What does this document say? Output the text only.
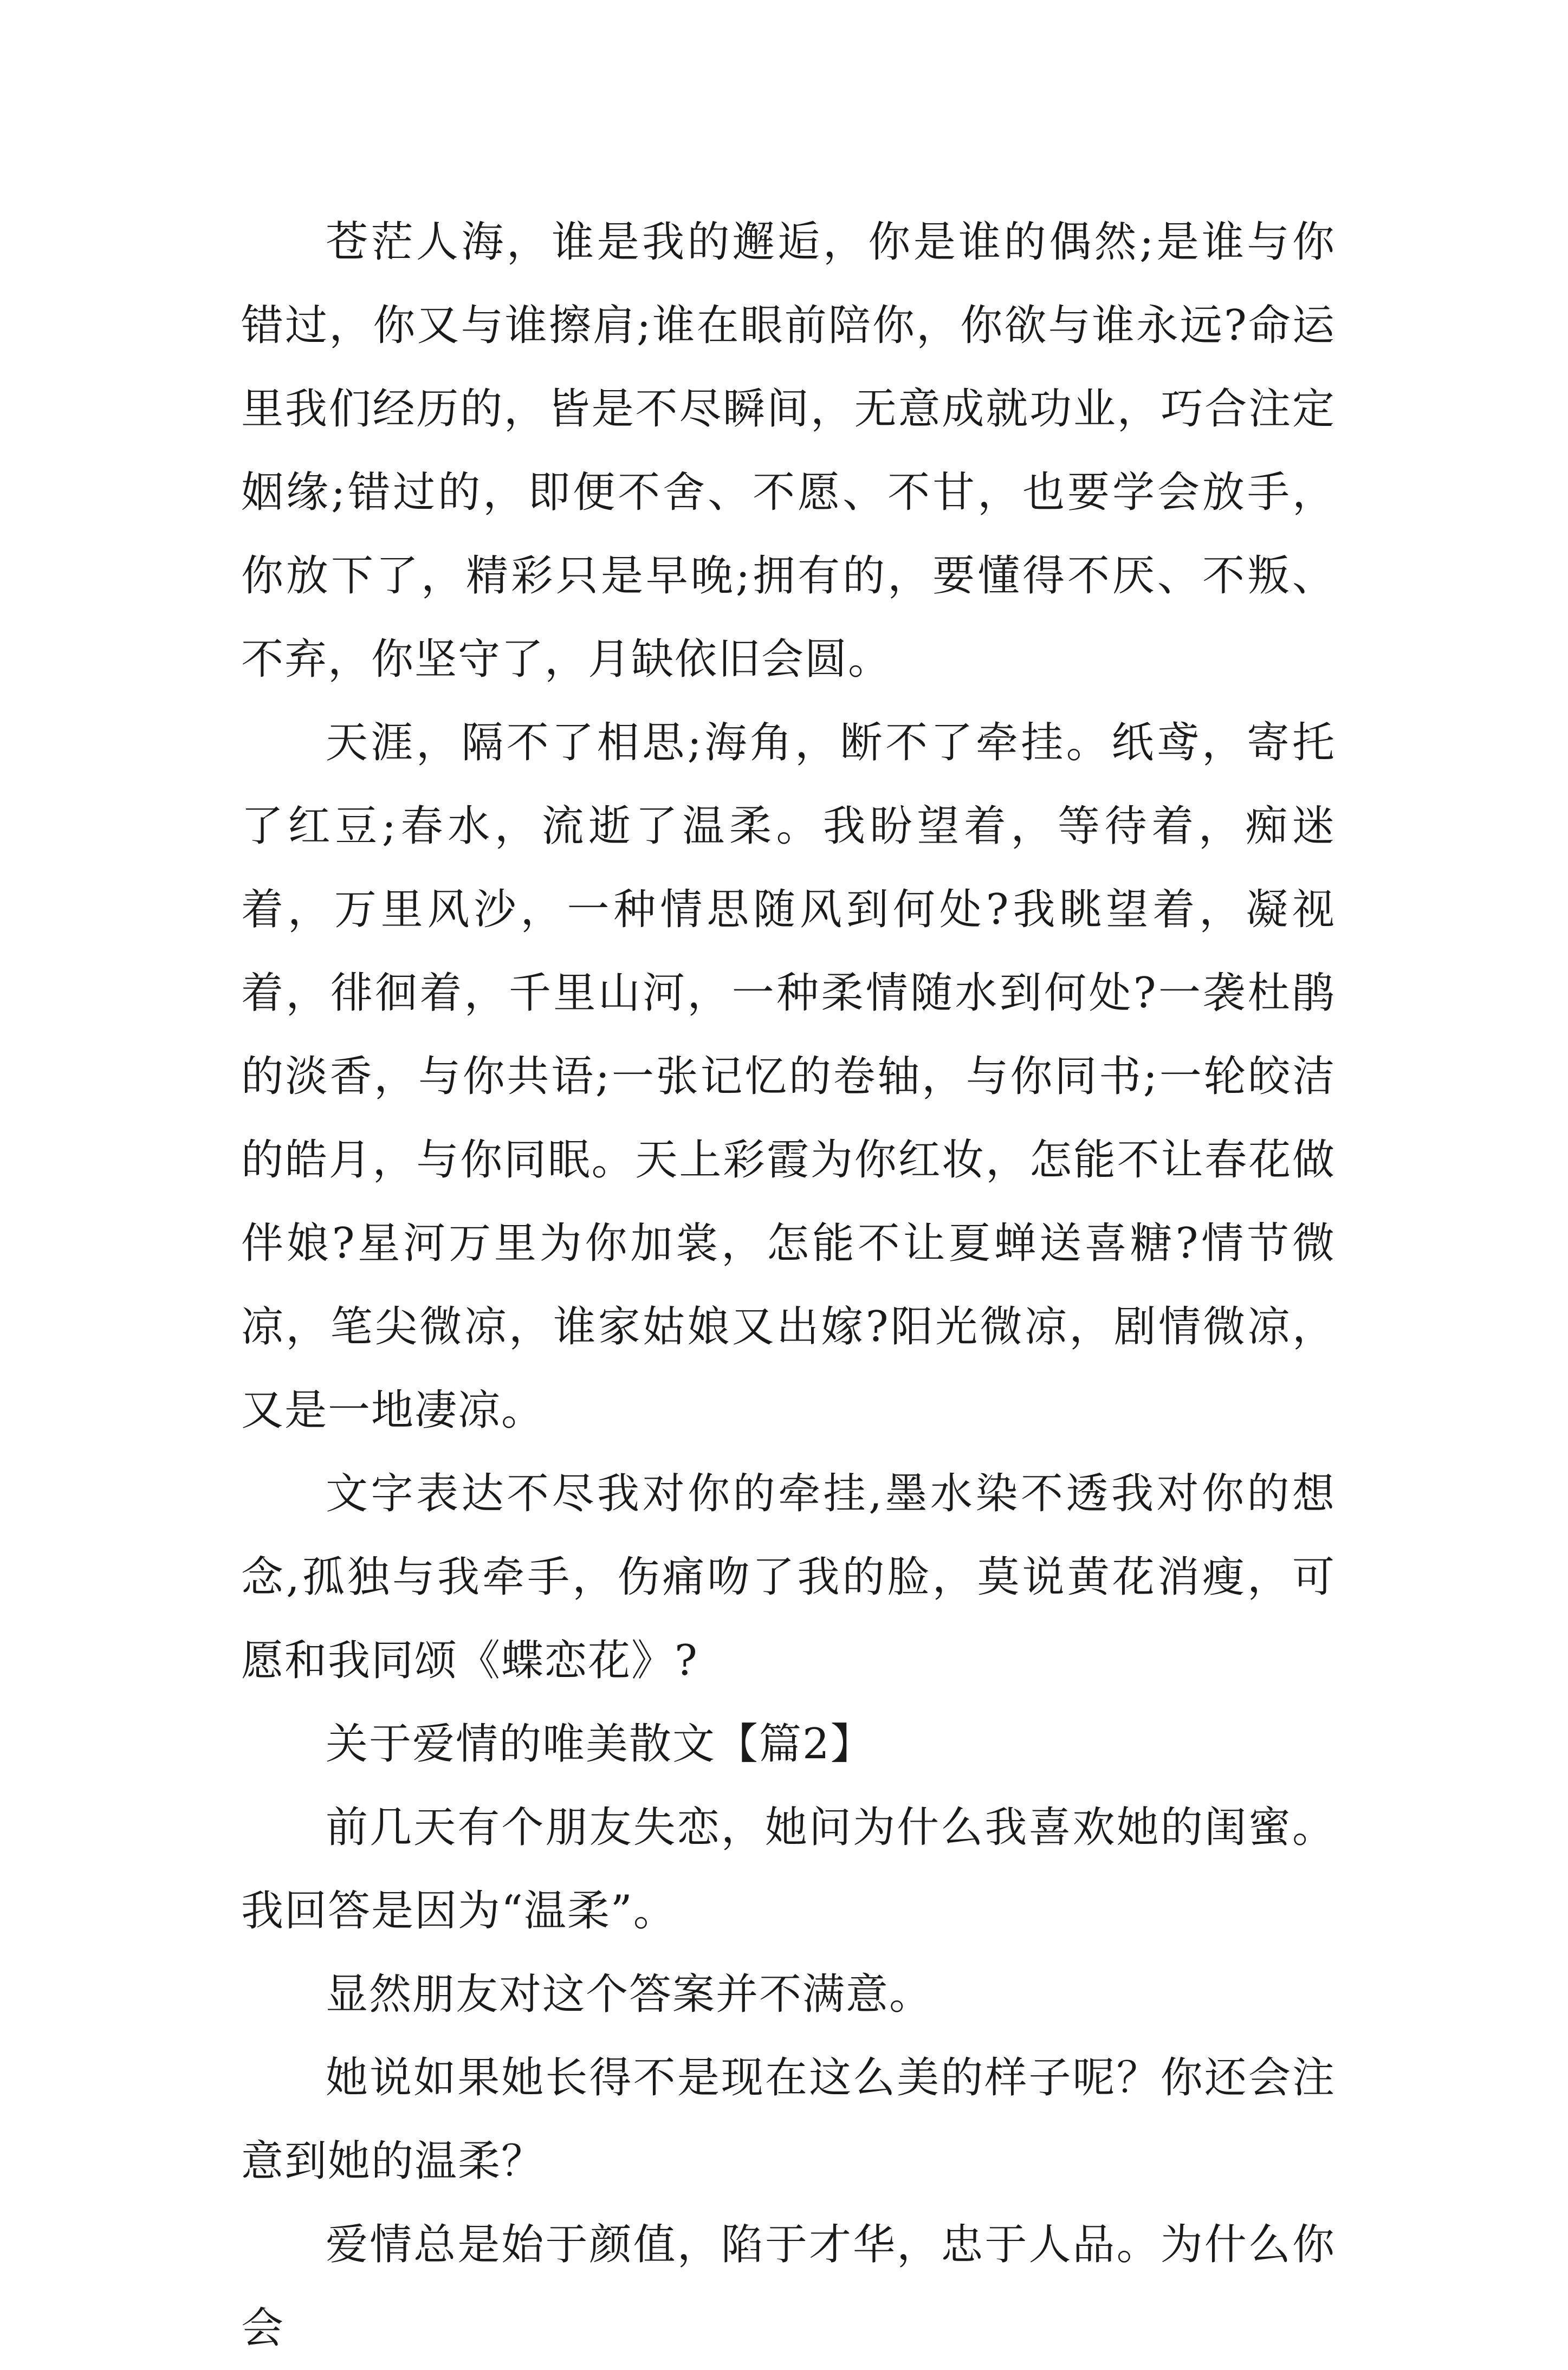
苍茫人海，谁是我的邂逅，你是谁的偶然;是谁与你错过，你又与谁擦肩;谁在眼前陪你，你欲与谁永远?命运里我们经历的，皆是不尽瞬间，无意成就功业，巧合注定姻缘;错过的，即便不舍、不愿、不甘，也要学会放手，你放下了，精彩只是早晚;拥有的，要懂得不厌、不叛、不弃，你坚守了，月缺依旧会圆。

天涯，隔不了相思;海角，断不了牵挂。纸鸢，寄托了红豆;春水，流逝了温柔。我盼望着，等待着，痴迷着，万里风沙，一种情思随风到何处?我眺望着，凝视着，徘徊着，千里山河，一种柔情随水到何处?一袭杜鹃的淡香，与你共语;一张记忆的卷轴，与你同书;一轮皎洁的皓月，与你同眠。天上彩霞为你红妆，怎能不让春花做伴娘?星河万里为你加裳，怎能不让夏蝉送喜糖?情节微凉，笔尖微凉，谁家姑娘又出嫁?阳光微凉，剧情微凉，又是一地凄凉。

文字表达不尽我对你的牵挂,墨水染不透我对你的想念,孤独与我牵手，伤痛吻了我的脸，莫说黄花消瘦，可愿和我同颂《蝶恋花》?

关于爱情的唯美散文【篇2】

前几天有个朋友失恋，她问为什么我喜欢她的闺蜜。我回答是因为“温柔”。

显然朋友对这个答案并不满意。

她说如果她长得不是现在这么美的样子呢？你还会注意到她的温柔？

爱情总是始于颜值，陷于才华，忠于人品。为什么你会
